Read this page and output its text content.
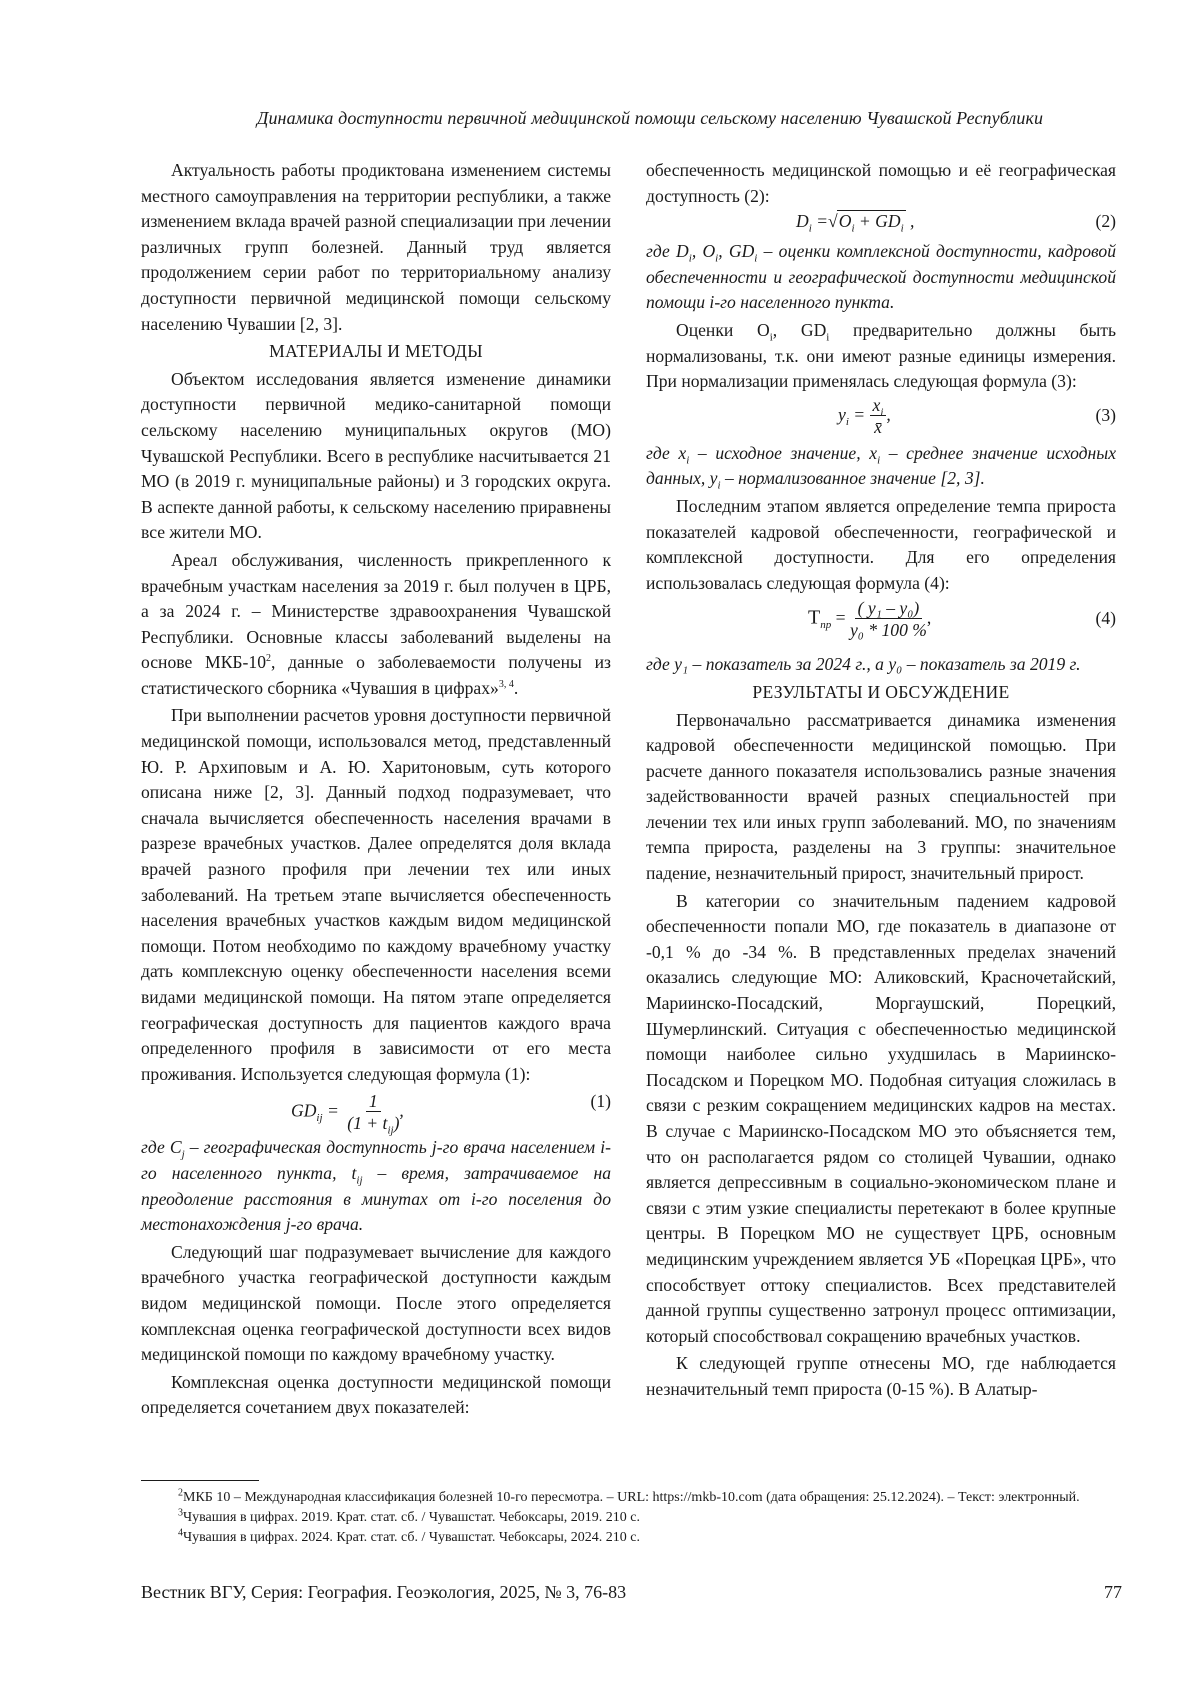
Динамика доступности первичной медицинской помощи сельскому населению Чувашской Республики

Актуальность работы продиктована изменением системы местного самоуправления на территории республики, а также изменением вклада врачей разной специализации при лечении различных групп болезней. Данный труд является продолжением серии работ по территориальному анализу доступности первичной медицинской помощи сельскому населению Чувашии [2, 3].

МАТЕРИАЛЫ И МЕТОДЫ

Объектом исследования является изменение динамики доступности первичной медико-санитарной помощи сельскому населению муниципальных округов (МО) Чувашской Республики. Всего в республике насчитывается 21 МО (в 2019 г. муниципальные районы) и 3 городских округа. В аспекте данной работы, к сельскому населению приравнены все жители МО.

Ареал обслуживания, численность прикрепленного к врачебным участкам населения за 2019 г. был получен в ЦРБ, а за 2024 г. – Министерстве здравоохранения Чувашской Республики. Основные классы заболеваний выделены на основе МКБ-$10^2$, данные о заболеваемости получены из статистического сборника «Чувашия в цифрах»$^{3, 4}$.

При выполнении расчетов уровня доступности первичной медицинской помощи, использовался метод, представленный Ю. Р. Архиповым и А. Ю. Харитоновым, суть которого описана ниже [2, 3]. Данный подход подразумевает, что сначала вычисляется обеспеченность населения врачами в разрезе врачебных участков. Далее определятся доля вклада врачей разного профиля при лечении тех или иных заболеваний. На третьем этапе вычисляется обеспеченность населения врачебных участков каждым видом медицинской помощи. Потом необходимо по каждому врачебному участку дать комплексную оценку обеспеченности населения всеми видами медицинской помощи. На пятом этапе определяется географическая доступность для пациентов каждого врача определенного профиля в зависимости от его места проживания. Используется следующая формула (1):

$GD_{ij} = \frac{1}{(1 + t_{ij})}$ ,	(1)

где $C_j$ – географическая доступность j-го врача населением i-го населенного пункта, $t_{ij}$ – время, затрачиваемое на преодоление расстояния в минутах от i-го поселения до местонахождения j-го врача.

Следующий шаг подразумевает вычисление для каждого врачебного участка географической доступности каждым видом медицинской помощи. После этого определяется комплексная оценка географической доступности всех видов медицинской помощи по каждому врачебному участку.

Комплексная оценка доступности медицинской помощи определяется сочетанием двух показателей:

обеспеченность медицинской помощью и её географическая доступность (2):

$D_i =√O_i + GD_i$ ,	(2)

где $D_i$, $O_i$, $GD_i$ – оценки комплексной доступности, кадровой обеспеченности и географической доступности медицинской помощи i-го населенного пункта.

Оценки $O_i$, $GD_i$ предварительно должны быть нормализованы, т.к. они имеют разные единицы измерения. При нормализации применялась следующая формула (3):

$y_i = \frac{x_i}{x̄}$ ,	(3)

где $x_i$ – исходное значение, $x_i$ – среднее значение исходных данных, $y_i$ – нормализованное значение [2, 3].

Последним этапом является определение темпа прироста показателей кадровой обеспеченности, географической и комплексной доступности. Для его определения использовалась следующая формула (4):

$Т_{пр} = \frac{\text{( y₁ – y₀)}}{\text{y₀ * 100 \%}}$ ,	(4)

где y₁ – показатель за 2024 г., а y₀ – показатель за 2019 г.

РЕЗУЛЬТАТЫ И ОБСУЖДЕНИЕ

Первоначально рассматривается динамика изменения кадровой обеспеченности медицинской помощью. При расчете данного показателя использовались разные значения задействованности врачей разных специальностей при лечении тех или иных групп заболеваний. МО, по значениям темпа прироста, разделены на 3 группы: значительное падение, незначительный прирост, значительный прирост.

В категории со значительным падением кадровой обеспеченности попали МО, где показатель в диапазоне от -0,1 % до -34 %. В представленных пределах значений оказались следующие МО: Аликовский, Красночетайский, Мариинско-Посадский, Моргаушский, Порецкий, Шумерлинский. Ситуация с обеспеченностью медицинской помощи наиболее сильно ухудшилась в Мариинско-Посадском и Порецком МО. Подобная ситуация сложилась в связи с резким сокращением медицинских кадров на местах. В случае с Мариинско-Посадском МО это объясняется тем, что он располагается рядом со столицей Чувашии, однако является депрессивным в социально-экономическом плане и связи с этим узкие специалисты перетекают в более крупные центры. В Порецком МО не существует ЦРБ, основным медицинским учреждением является УБ «Порецкая ЦРБ», что способствует оттоку специалистов. Всех представителей данной группы существенно затронул процесс оптимизации, который способствовал сокращению врачебных участков.

К следующей группе отнесены МО, где наблюдается незначительный темп прироста (0-15 %). В Алатыр-

$^2$МКБ 10 – Международная классификация болезней 10-го пересмотра. – URL: https://mkb-10.com (дата обращения: 25.12.2024). – Текст: электронный.

$^3$Чувашия в цифрах. 2019. Крат. стат. сб. / Чувашстат. Чебоксары, 2019. 210 с.

$^4$Чувашия в цифрах. 2024. Крат. стат. сб. / Чувашстат. Чебоксары, 2024. 210 с.

Вестник ВГУ, Серия: География. Геоэкология, 2025, № 3, 76-83	77
